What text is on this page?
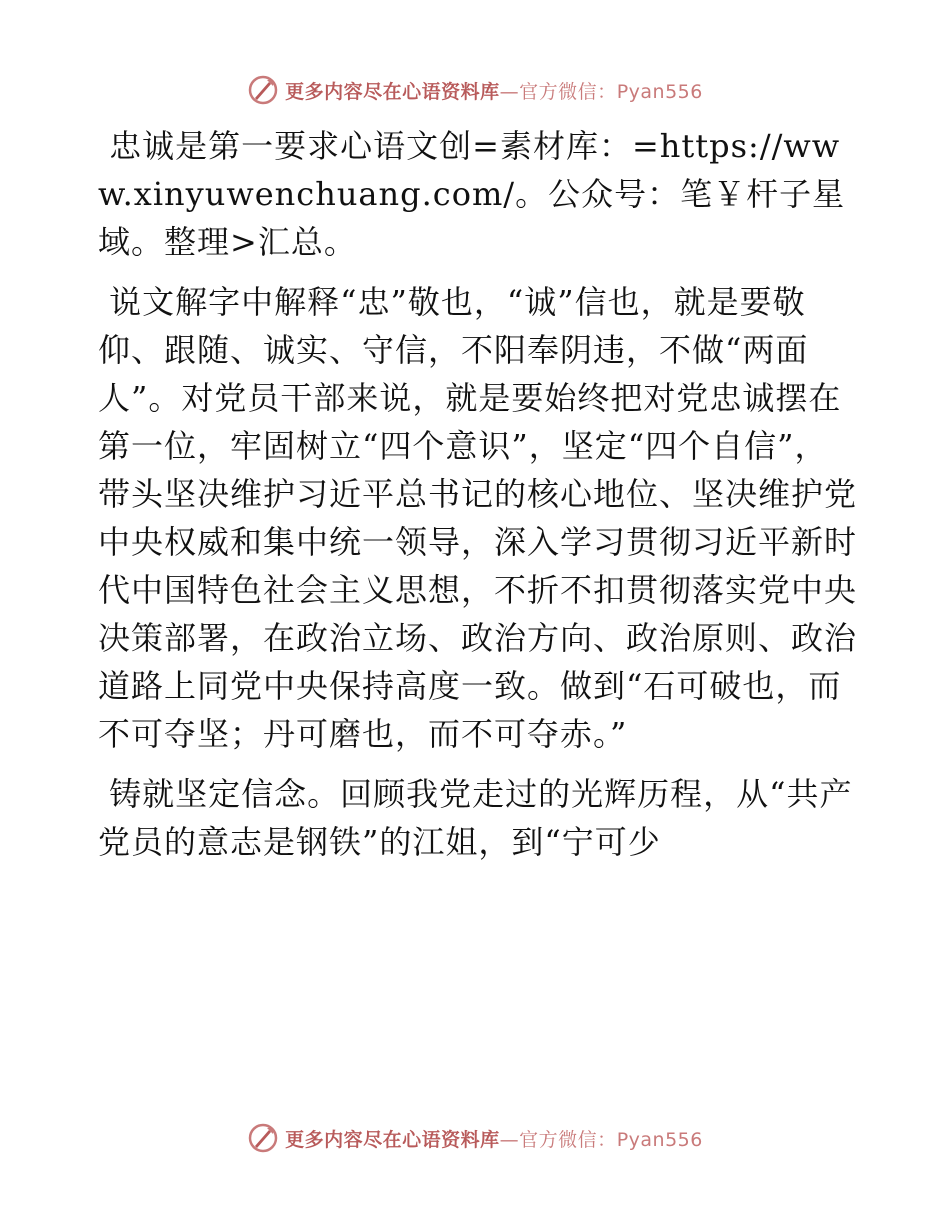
更多内容尽在心语资料库—官方微信：Pyan556

忠诚是第一要求心语文创=素材库：=https://www.xinyuwenchuang.com/。公众号：笔￥杆子星域。整理>汇总。

说文解字中解释“忠”敬也，“诚”信也，就是要敬仰、跟随、诚实、守信，不阳奉阴违，不做“两面人”。对党员干部来说，就是要始终把对党忠诚摆在第一位，牢固树立“四个意识”，坚定“四个自信”，带头坚决维护习近平总书记的核心地位、坚决维护党中央权威和集中统一领导，深入学习贯彻习近平新时代中国特色社会主义思想，不折不扣贯彻落实党中央决策部署，在政治立场、政治方向、政治原则、政治道路上同党中央保持高度一致。做到“石可破也，而不可夺坚；丹可磨也，而不可夺赤。”

铸就坚定信念。回顾我党走过的光辉历程，从“共产党员的意志是钢铁”的江姐，到“宁可少

更多内容尽在心语资料库—官方微信：Pyan556
